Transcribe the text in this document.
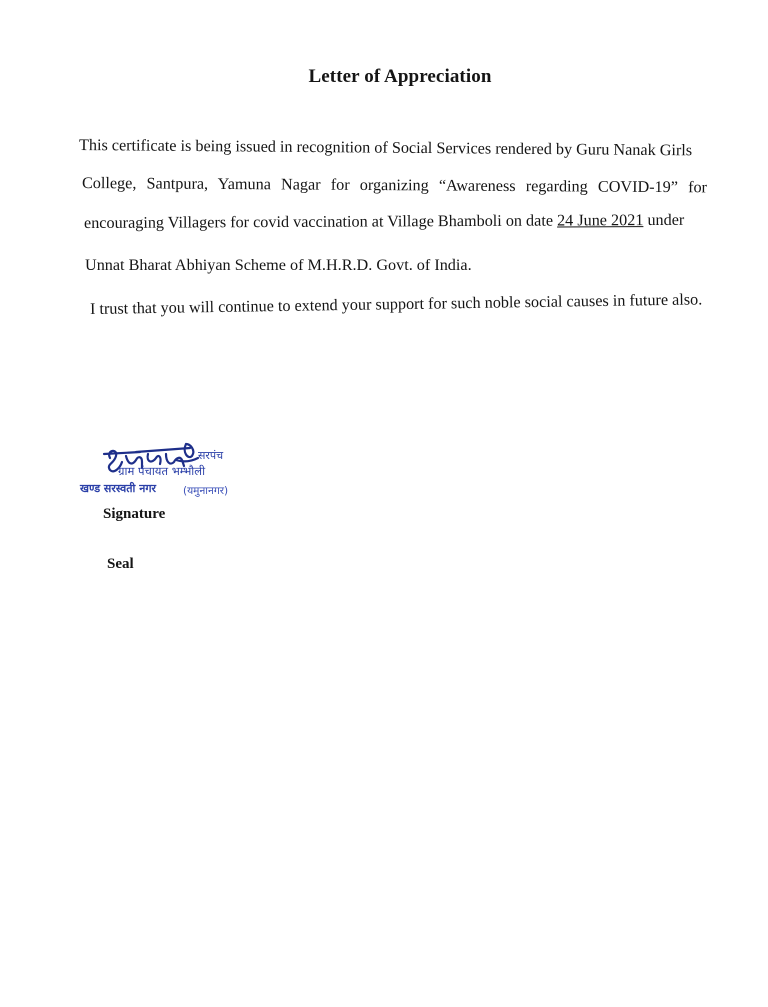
Letter of Appreciation
This certificate is being issued in recognition of Social Services rendered by Guru Nanak Girls
College, Santpura, Yamuna Nagar for organizing “Awareness regarding COVID-19” for
encouraging Villagers for covid vaccination at Village Bhamboli on date 24 June 2021 under
Unnat Bharat Abhiyan Scheme of M.H.R.D. Govt. of India.
I trust that you will continue to extend your support for such noble social causes in future also.
सरपंच
ग्राम पंचायत भम्भौली
खण्ड सरस्वती नगर	(यमुनानगर)
Signature
Seal
